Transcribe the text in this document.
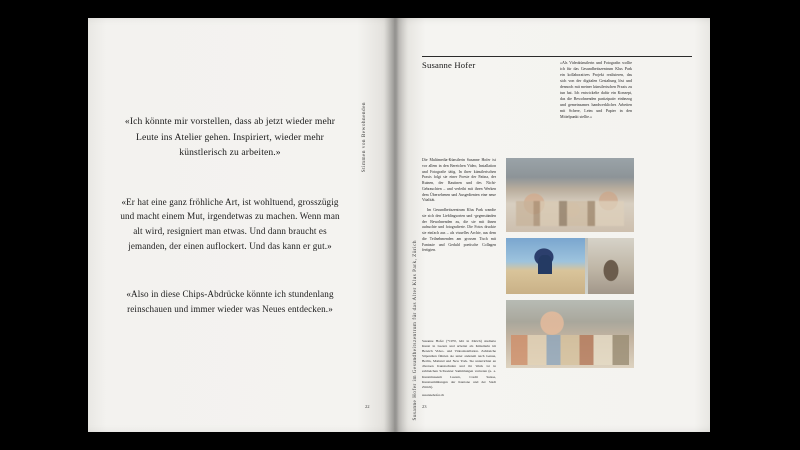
«Ich könnte mir vorstellen, dass ab jetzt wieder mehr Leute ins Atelier gehen. Inspiriert, wieder mehr künstlerisch zu arbeiten.»
«Er hat eine ganz fröhliche Art, ist wohltuend, grosszügig und macht einem Mut, irgendetwas zu machen. Wenn man alt wird, resigniert man etwas. Und dann braucht es jemanden, der einen auflockert. Und das kann er gut.»
«Also in diese Chips-Abdrücke könnte ich stundenlang reinschauen und immer wieder was Neues entdecken.»
Stimmen von Bewohnenden
22
Susanne Hofer	«Als Videokünstlerin und Fotografin wollte ich für das Gesundheitszentrum Klus Park ein kollaboratives Projekt realisieren, das sich von der digitalen Gestaltung löst und dennoch mit meiner künstlerischen Praxis zu tun hat. Ich entwickelte dafür ein Konzept, das die Bewohnenden partizipativ einbezog und gemeinsames handwerkliches Arbeiten mit Schere, Leim und Papier in den Mittelpunkt stellte.»

Die Multimedia-Künstlerin Susanne Hofer ist vor allem in den Bereichen Video, Installation und Fotografie tätig. In ihrer künstlerischen Praxis folgt sie einer Poesie der Patina, der Ruinen, der Rautinen und des Nicht-Gebrauchten – und verleiht mit ihren Werken dem Übersehenen und Ausgedienten eine neue Vitalität.

Im Gesundheitszentrum Klus Park wandte sie sich den Lieblingsorten und -gegenständen der Bewohnenden zu, die sie mit ihnen aufsuchte und fotografierte. Die Fotos druckte sie einfach aus – als visuelles Archiv, aus dem die Teilnehmenden am grossen Tisch mit Fantasie und Geduld poetische Collagen fertigten.

Susanne Hofer (*1970, lebt in Zürich) studierte Kunst in Luzern und arbeitet als Künstlerin im Bereich Video- und Videoinstallation. Zahlreiche Stipendien führten sie unter anderem nach Genua, Berlin, Mailand und New York. Sie unterrichtet an diversen Kunstschulen und ihr Werk ist in zahlreichen Schweizer Sammlungen vertreten (u. a. Kunstmuseum Luzern, Credit Suisse, Kunstsammlungen der Kantone und der Stadt Zürich).
susannehofer.ch
Susanne Hofer im Gesundheitszentrum für das Alter Klus Park, Zürich 23
